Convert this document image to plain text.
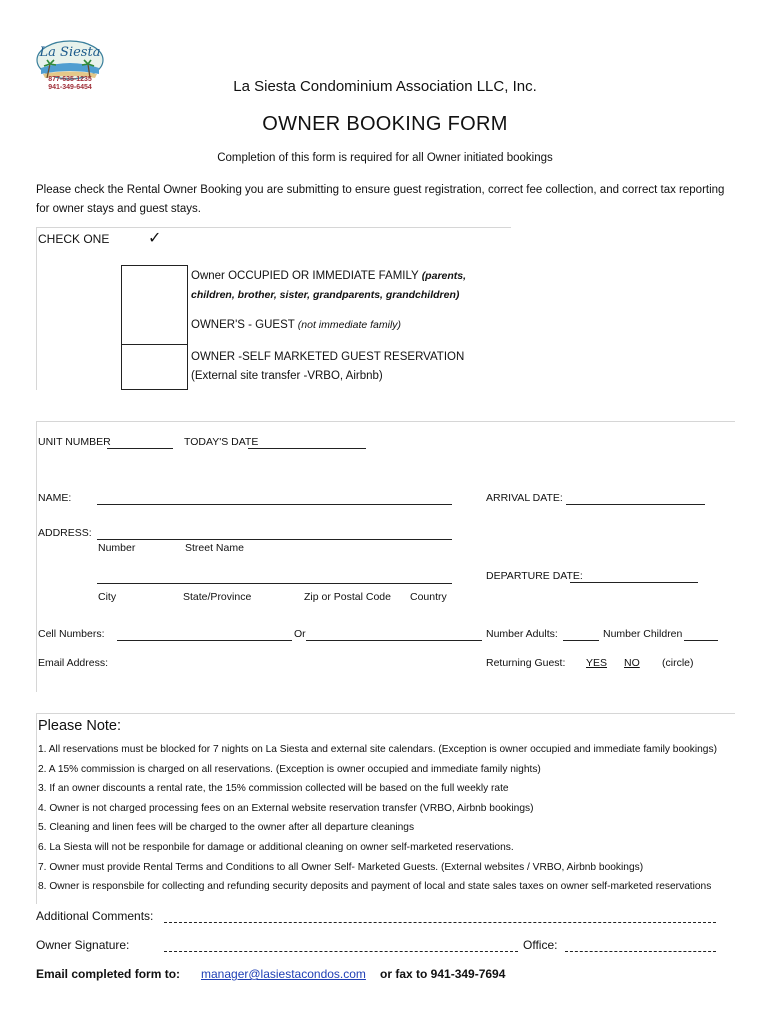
La Siesta
877-635-1235
941-349-6454	La Siesta Condominium Association LLC, Inc.
OWNER BOOKING FORM
Completion of this form is required for all Owner initiated bookings
Please check the Rental Owner Booking you are submitting to ensure guest registration, correct fee collection, and correct tax reporting for owner stays and guest stays.
CHECK ONE ✓
Owner OCCUPIED OR IMMEDIATE FAMILY (parents,
children, brother, sister, grandparents, grandchildren)
OWNER'S - GUEST (not immediate family)
OWNER -SELF MARKETED GUEST RESERVATION
(External site transfer -VRBO, Airbnb)
UNIT NUMBER	TODAY'S DATE
NAME:	ARRIVAL DATE:
ADDRESS:
Number	Street Name
DEPARTURE DATE:
City	State/Province	Zip or Postal Code Country
Cell Numbers:	Or	Number Adults:	Number Children
Email Address:	Returning Guest: YES NO (circle)
Please Note:
1. All reservations must be blocked for 7 nights on La Siesta and external site calendars. (Exception is owner occupied and immediate family bookings)
2. A 15% commission is charged on all reservations. (Exception is owner occupied and immediate family nights)
3. If an owner discounts a rental rate, the 15% commission collected will be based on the full weekly rate
4. Owner is not charged processing fees on an External website reservation transfer (VRBO, Airbnb bookings)
5. Cleaning and linen fees will be charged to the owner after all departure cleanings
6. La Siesta will not be responbile for damage or additional cleaning on owner self-marketed reservations.
7. Owner must provide Rental Terms and Conditions to all Owner Self- Marketed Guests. (External websites / VRBO, Airbnb bookings)
8. Owner is responsbile for collecting and refunding security deposits and payment of local and state sales taxes on owner self-marketed reservations
Additional Comments:
Owner Signature:	Office:
Email completed form to: manager@lasiestacondos.com or fax to 941-349-7694
